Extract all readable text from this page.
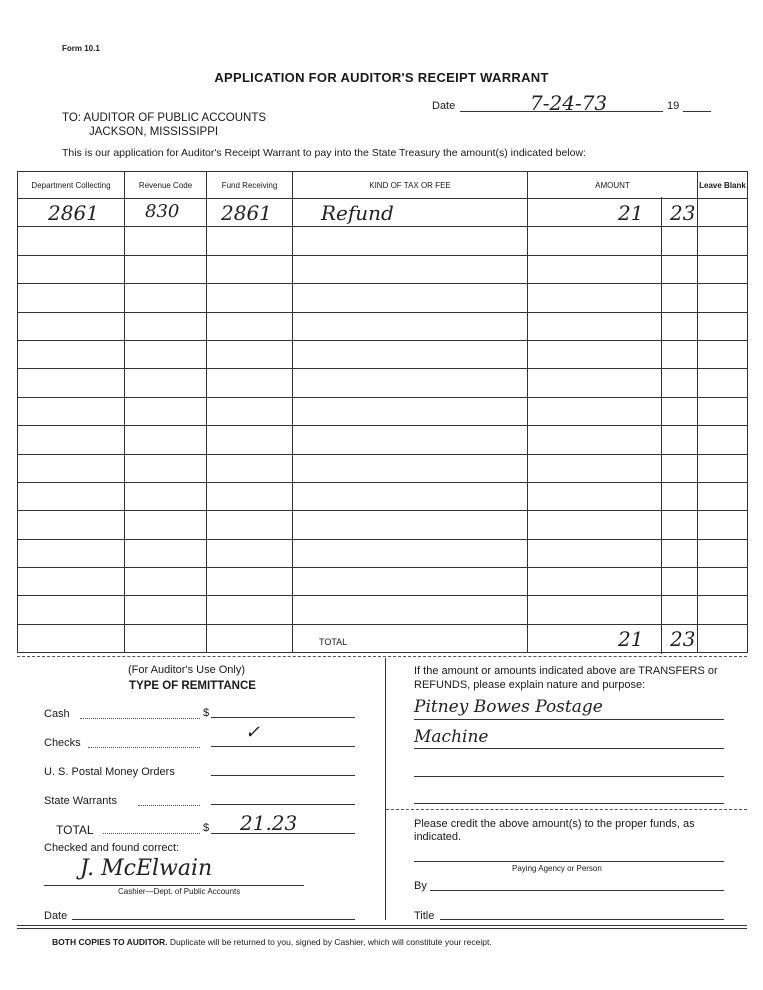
Form 10.1
APPLICATION FOR AUDITOR'S RECEIPT WARRANT
Date	7-24-73	19
TO: AUDITOR OF PUBLIC ACCOUNTS
JACKSON, MISSISSIPPI
This is our application for Auditor's Receipt Warrant to pay into the State Treasury the amount(s) indicated below:
Department Collecting	Revenue Code	Fund Receiving	KIND OF TAX OR FEE	AMOUNT	Leave Blank

2861	830	2861	Refund	21 23	

			TOTAL	21 23	

(For Auditor's Use Only)
TYPE OF REMITTANCE
Cash	$
Checks	✓
U. S. Postal Money Orders
State Warrants
TOTAL	$ 21.23
Checked and found correct:
J. McElwain
Cashier—Dept. of Public Accounts
Date
If the amount or amounts indicated above are TRANSFERS or REFUNDS, please explain nature and purpose:
Pitney Bowes Postage
Machine
Please credit the above amount(s) to the proper funds, as indicated.
Paying Agency or Person
By
Title
BOTH COPIES TO AUDITOR. Duplicate will be returned to you, signed by Cashier, which will constitute your receipt.
